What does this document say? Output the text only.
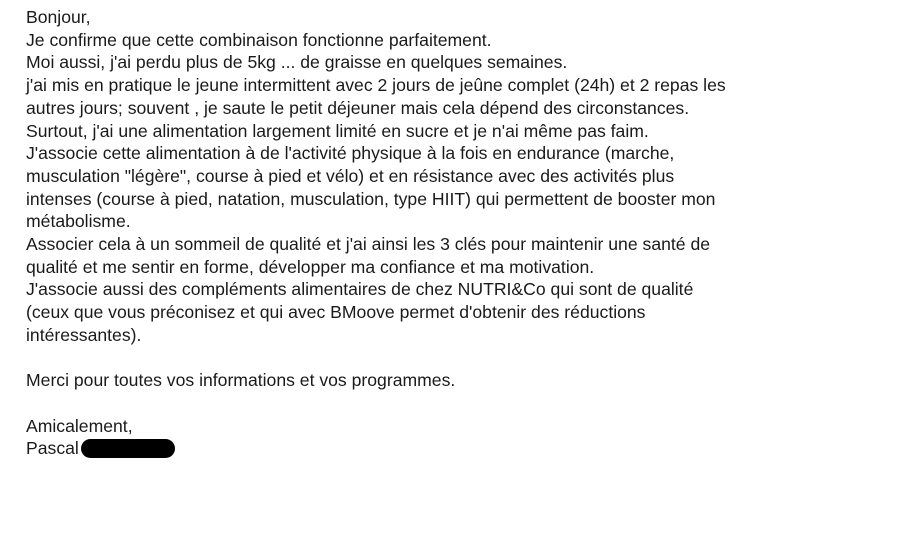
Bonjour,
Je confirme que cette combinaison fonctionne parfaitement.
Moi aussi, j'ai perdu plus de 5kg ... de graisse en quelques semaines.
j'ai mis en pratique le jeune intermittent avec 2 jours de jeûne complet (24h) et 2 repas les
autres jours; souvent , je saute le petit déjeuner mais cela dépend des circonstances.
Surtout, j'ai une alimentation largement limité en sucre et je n'ai même pas faim.
J'associe cette alimentation à de l'activité physique à la fois en endurance (marche,
musculation "légère", course à pied et vélo) et en résistance avec des activités plus
intenses (course à pied, natation, musculation, type HIIT) qui permettent de booster mon
métabolisme.
Associer cela à un sommeil de qualité et j'ai ainsi les 3 clés pour maintenir une santé de
qualité et me sentir en forme, développer ma confiance et ma motivation.
J'associe aussi des compléments alimentaires de chez NUTRI&Co qui sont de qualité
(ceux que vous préconisez et qui avec BMoove permet d'obtenir des réductions
intéressantes).
Merci pour toutes vos informations et vos programmes.
Amicalement,
Pascal
